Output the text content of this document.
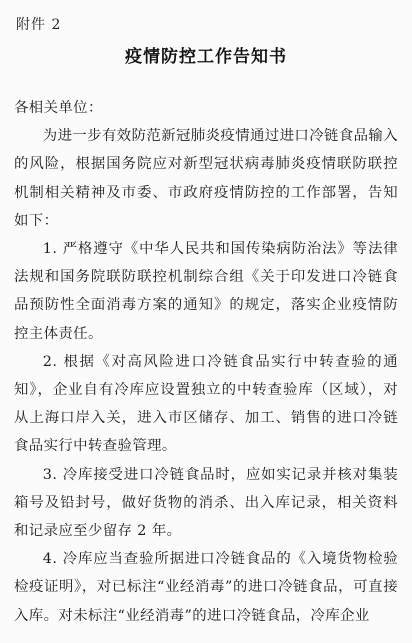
附件 2
疫情防控工作告知书

各相关单位：

为进一步有效防范新冠肺炎疫情通过进口冷链食品输入的风险，根据国务院应对新型冠状病毒肺炎疫情联防联控机制相关精神及市委、市政府疫情防控的工作部署，告知如下：

1. 严格遵守《中华人民共和国传染病防治法》等法律法规和国务院联防联控机制综合组《关于印发进口冷链食品预防性全面消毒方案的通知》的规定，落实企业疫情防控主体责任。

2. 根据《对高风险进口冷链食品实行中转查验的通知》，企业自有冷库应设置独立的中转查验库（区域），对从上海口岸入关，进入市区储存、加工、销售的进口冷链食品实行中转查验管理。

3. 冷库接受进口冷链食品时，应如实记录并核对集装箱号及铅封号，做好货物的消杀、出入库记录，相关资料和记录应至少留存 2 年。

4. 冷库应当查验所据进口冷链食品的《入境货物检验检疫证明》，对已标注“业经消毒”的进口冷链食品，可直接入库。对未标注“业经消毒”的进口冷链食品，冷库企业
